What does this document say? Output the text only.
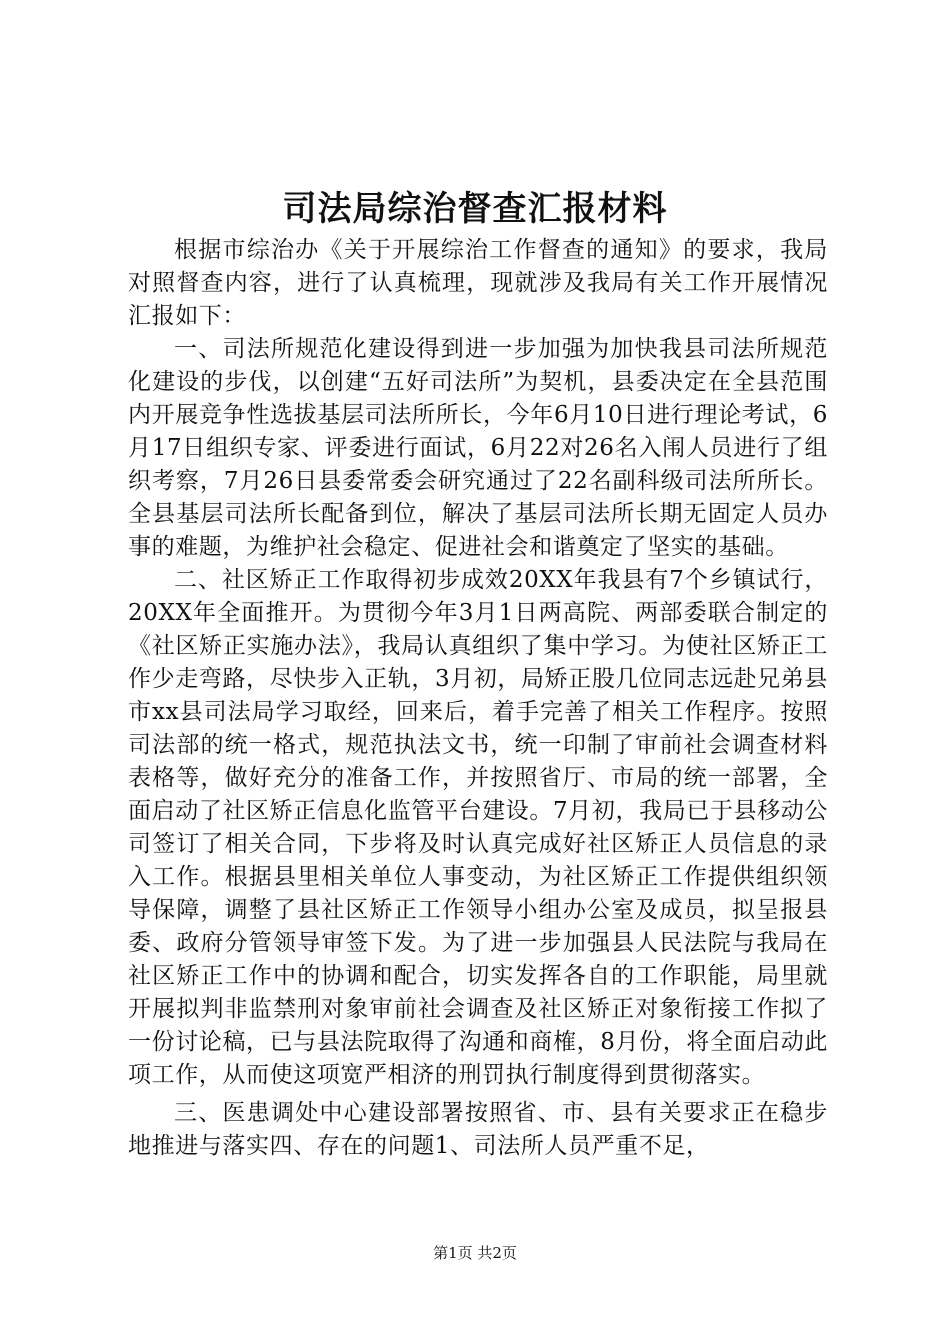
司法局综治督查汇报材料

根据市综治办《关于开展综治工作督查的通知》的要求，我局对照督查内容，进行了认真梳理，现就涉及我局有关工作开展情况汇报如下：

一、司法所规范化建设得到进一步加强为加快我县司法所规范化建设的步伐，以创建“五好司法所”为契机，县委决定在全县范围内开展竞争性选拔基层司法所所长，今年6月10日进行理论考试，6月17日组织专家、评委进行面试，6月22对26名入闱人员进行了组织考察，7月26日县委常委会研究通过了22名副科级司法所所长。全县基层司法所长配备到位，解决了基层司法所长期无固定人员办事的难题，为维护社会稳定、促进社会和谐奠定了坚实的基础。

二、社区矫正工作取得初步成效20XX年我县有7个乡镇试行，20XX年全面推开。为贯彻今年3月1日两高院、两部委联合制定的《社区矫正实施办法》，我局认真组织了集中学习。为使社区矫正工作少走弯路，尽快步入正轨，3月初，局矫正股几位同志远赴兄弟县市xx县司法局学习取经，回来后，着手完善了相关工作程序。按照司法部的统一格式，规范执法文书，统一印制了审前社会调查材料表格等，做好充分的准备工作，并按照省厅、市局的统一部署，全面启动了社区矫正信息化监管平台建设。7月初，我局已于县移动公司签订了相关合同，下步将及时认真完成好社区矫正人员信息的录入工作。根据县里相关单位人事变动，为社区矫正工作提供组织领导保障，调整了县社区矫正工作领导小组办公室及成员，拟呈报县委、政府分管领导审签下发。为了进一步加强县人民法院与我局在社区矫正工作中的协调和配合，切实发挥各自的工作职能，局里就开展拟判非监禁刑对象审前社会调查及社区矫正对象衔接工作拟了一份讨论稿，已与县法院取得了沟通和商榷，8月份，将全面启动此项工作，从而使这项宽严相济的刑罚执行制度得到贯彻落实。

三、医患调处中心建设部署按照省、市、县有关要求正在稳步地推进与落实四、存在的问题1、司法所人员严重不足，

第1页 共2页
